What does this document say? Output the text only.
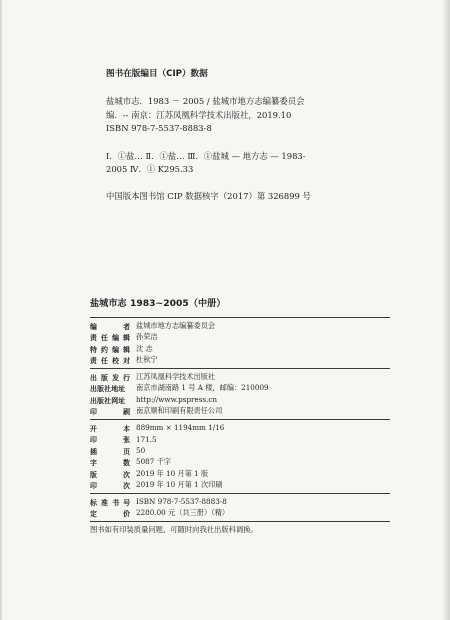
图书在版编目（CIP）数据
盐城市志．1983 － 2005 / 盐城市地方志编纂委员会
编．-- 南京：江苏凤凰科学技术出版社，2019.10
ISBN 978-7-5537-8883-8
Ⅰ．①盐… Ⅱ．①盐… Ⅲ．①盐城 — 地方志 — 1983-
2005 Ⅳ．① K295.33
中国版本图书馆 CIP 数据核字（2017）第 326899 号
盐城市志 1983~2005（中册）
编	者 盐城市地方志编纂委员会
责 任 编 辑 孙荣洁
特 约 编 辑 沈 志
责 任 校 对 杜秋宁
出 版 发 行 江苏凤凰科学技术出版社
出版社地址 南京市湖南路 1 号 A 楼，邮编：210009
出版社网址 http://www.pspress.cn
印	刷 南京顺和印刷有限责任公司
开	本 889mm × 1194mm 1/16
印	张 171.5
插	页 50
字	数 5087 千字
版	次 2019 年 10 月第 1 版
印	次 2019 年 10 月第 1 次印刷
标 准 书 号 ISBN 978-7-5537-8883-8
定	价 2280.00 元（共三册）（精）
图书如有印装质量问题，可随时向我社出版科调换。
